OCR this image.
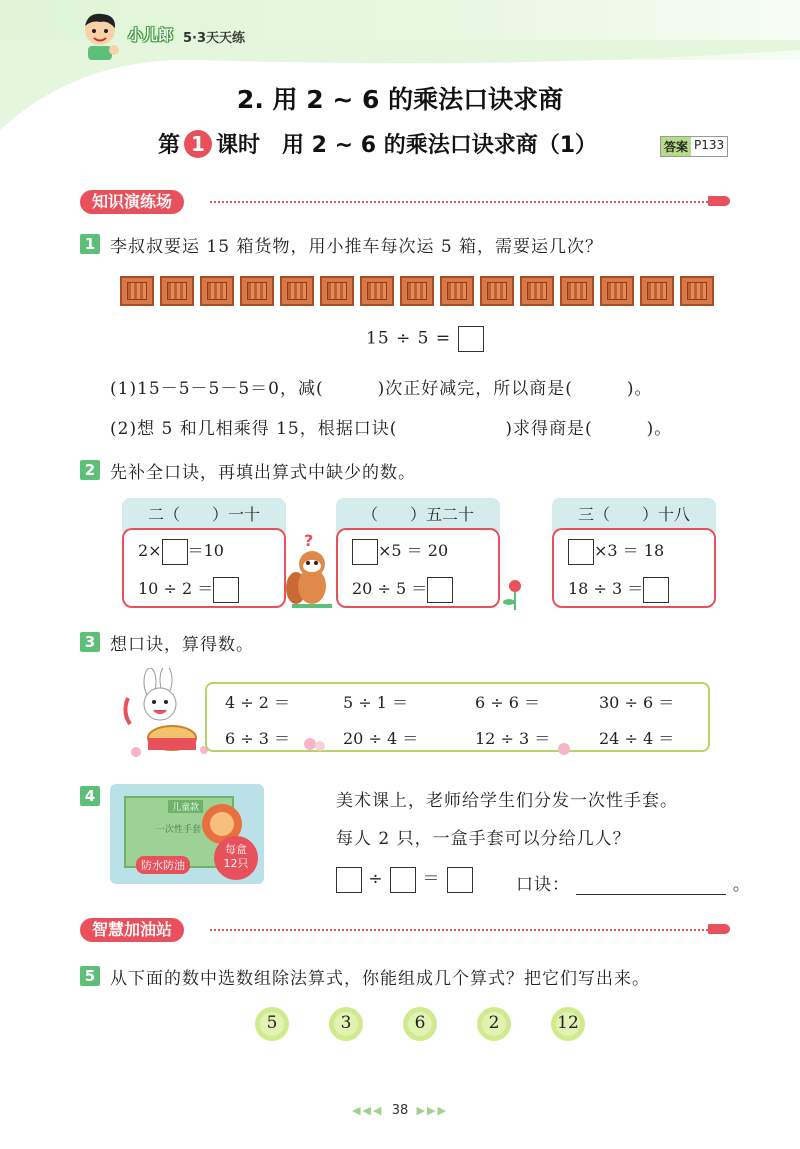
小儿郎 5·3天天练
2. 用 2 ~ 6 的乘法口诀求商
第 1 课时　用 2 ~ 6 的乘法口诀求商（1）	答案 P133
知识演练场
1 李叔叔要运 15 箱货物，用小推车每次运 5 箱，需要运几次？
15 ÷ 5 =
(1)15－5－5－5＝0，减(　　　)次正好减完，所以商是(　　　)。
(2)想 5 和几相乘得 15，根据口诀(　　　　　　)求得商是(　　　)。
2 先补全口诀，再填出算式中缺少的数。
二（　　）一十
2× ＝10
10 ÷ 2 ＝
?
（　　）五二十
×5 ＝ 20
20 ÷ 5 ＝
三（　　）十八
×3 ＝ 18
18 ÷ 3 ＝
3 想口诀，算得数。
4 ÷ 2 ＝	5 ÷ 1 ＝	6 ÷ 6 ＝	30 ÷ 6 ＝
6 ÷ 3 ＝	20 ÷ 4 ＝	12 ÷ 3 ＝	24 ÷ 4 ＝
4
儿童款
一次性手套
防水防油
每盒
12只
美术课上，老师给学生们分发一次性手套。
每人 2 只，一盒手套可以分给几人？
÷ ＝	口诀：	。
智慧加油站
5 从下面的数中选数组除法算式，你能组成几个算式？把它们写出来。
5	3	6	2	12
◀◀◀ 38 ▶▶▶
